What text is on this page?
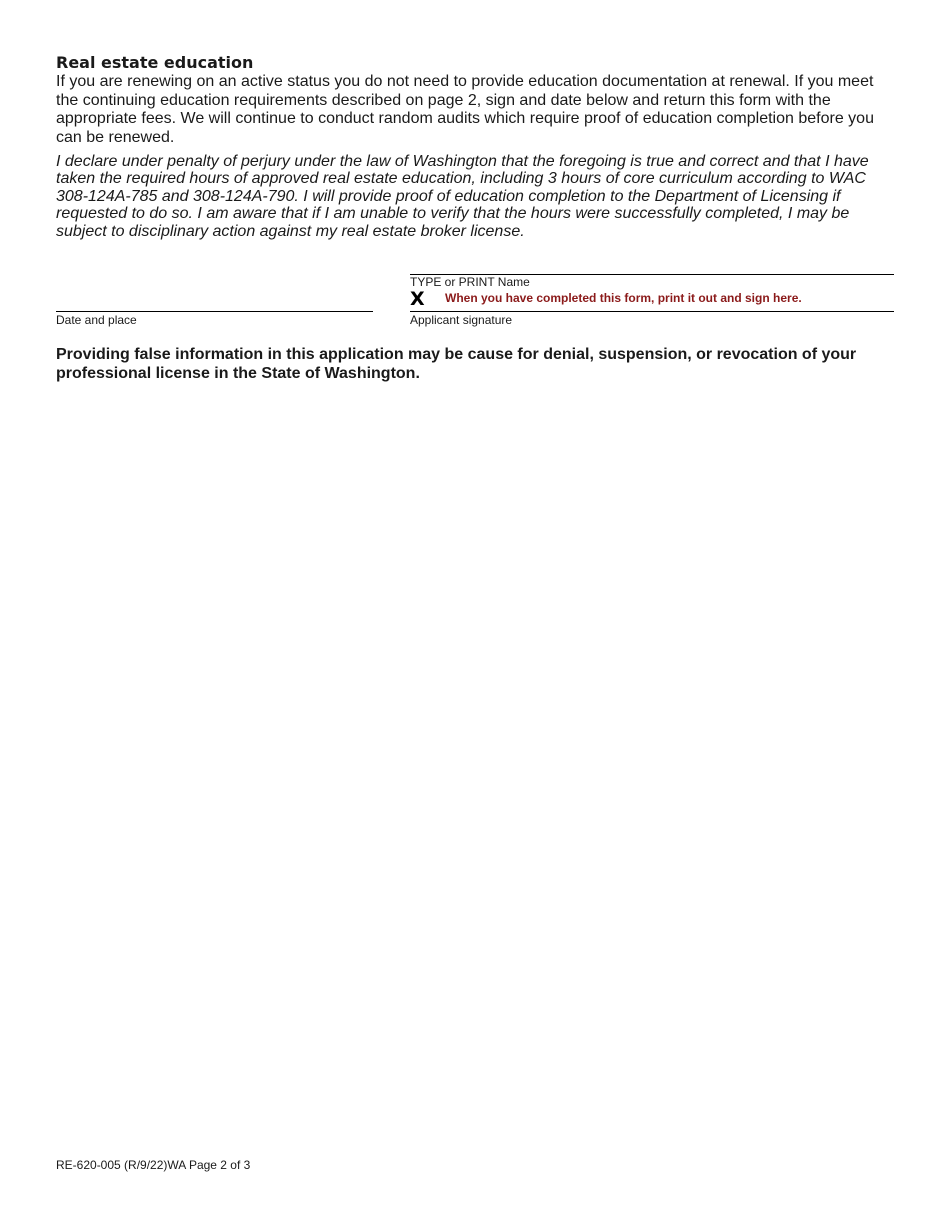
Real estate education

If you are renewing on an active status you do not need to provide education documentation at renewal. If you meet the continuing education requirements described on page 2, sign and date below and return this form with the appropriate fees. We will continue to conduct random audits which require proof of education completion before you can be renewed.

I declare under penalty of perjury under the law of Washington that the foregoing is true and correct and that I have taken the required hours of approved real estate education, including 3 hours of core curriculum according to WAC 308-124A-785 and 308-124A-790. I will provide proof of education completion to the Department of Licensing if requested to do so. I am aware that if I am unable to verify that the hours were successfully completed, I may be subject to disciplinary action against my real estate broker license.

TYPE or PRINT Name
X When you have completed this form, print it out and sign here.
Applicant signature
Date and place

Providing false information in this application may be cause for denial, suspension, or revocation of your professional license in the State of Washington.

RE-620-005 (R/9/22)WA Page 2 of 3
